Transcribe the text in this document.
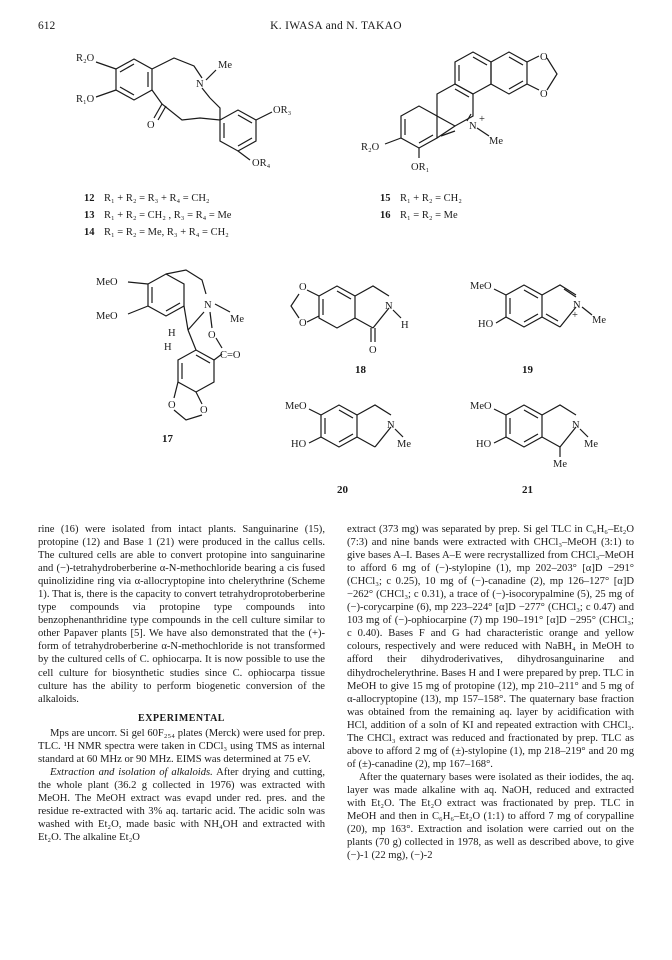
612	K. IWASA and N. TAKAO
R₂O
R₁O
O
N
Me
OR₃
OR₄
O
O
N
+
Me
R₂O
OR₁
12 R₁ + R₂ = R₃ + R₄ = CH₂
13 R₁ + R₂ = CH₂ , R₃ = R₄ = Me
14 R₁ = R₂ = Me, R₃ + R₄ = CH₂
15 R₁ + R₂ = CH₂
16 R₁ = R₂ = Me
MeO
MeO
N
Me
H
H
O
C=O
O O
17
O
O
N
H
O
18
MeO
HO
N
+ Me
19
MeO
HO
N
Me
20
MeO
HO
Me
N
Me
21

rine (16) were isolated from intact plants. Sanguinarine (15), protopine (12) and Base 1 (21) were produced in the callus cells. The cultured cells are able to convert protopine into sanguinarine and (−)-tetrahydroberberine α-N-methochloride bearing a cis fused quinolizidine ring via α-allocryptopine into chelerythrine (Scheme 1). That is, there is the capacity to convert tetrahydroprotoberberine type compounds via protopine type compounds into benzophenanthridine type compounds in the cell culture similar to other Papaver plants [5]. We have also demonstrated that the (+)-form of tetrahydroberberine α-N-methochloride is not transformed by the cultured cells of C. ophiocarpa. It is now possible to use the cell culture for biosynthetic studies since C. ophiocarpa tissue culture has the ability to perform biogenetic conversion of the alkaloids.

EXPERIMENTAL

Mps are uncorr. Si gel 60F₂₅₄ plates (Merck) were used for prep. TLC. ¹H NMR spectra were taken in CDCl₃ using TMS as internal standard at 60 MHz or 90 MHz. EIMS was determined at 75 eV.

Extraction and isolation of alkaloids. After drying and cutting, the whole plant (36.2 g collected in 1976) was extracted with MeOH. The MeOH extract was evapd under red. pres. and the residue re-extracted with 3% aq. tartaric acid. The acidic soln was washed with Et₂O, made basic with NH₄OH and extracted with Et₂O. The alkaline Et₂O

extract (373 mg) was separated by prep. Si gel TLC in C₆H₆–Et₂O (7:3) and nine bands were extracted with CHCl₃–MeOH (3:1) to give bases A–I. Bases A–E were recrystallized from CHCl₃–MeOH to afford 6 mg of (−)-stylopine (1), mp 202–203° [α]D −291° (CHCl₃; c 0.25), 10 mg of (−)-canadine (2), mp 126–127° [α]D −262° (CHCl₃; c 0.31), a trace of (−)-isocorypalmine (5), 25 mg of (−)-corycarpine (6), mp 223–224° [α]D −277° (CHCl₃; c 0.47) and 103 mg of (−)-ophiocarpine (7) mp 190–191° [α]D −295° (CHCl₃; c 0.40). Bases F and G had characteristic orange and yellow colours, respectively and were reduced with NaBH₄ in MeOH to afford their dihydroderivatives, dihydrosanguinarine and dihydrochelerythrine. Bases H and I were prepared by prep. TLC in MeOH to give 15 mg of protopine (12), mp 210–211° and 5 mg of α-allocryptopine (13), mp 157–158°. The quaternary base fraction was obtained from the remaining aq. layer by acidification with HCl, addition of a soln of KI and repeated extraction with CHCl₃. The CHCl₃ extract was reduced and fractionated by prep. TLC as above to afford 2 mg of (±)-stylopine (1), mp 218–219° and 20 mg of (±)-canadine (2), mp 167–168°.

After the quaternary bases were isolated as their iodides, the aq. layer was made alkaline with aq. NaOH, reduced and extracted with Et₂O. The Et₂O extract was fractionated by prep. TLC in MeOH and then in C₆H₆–Et₂O (1:1) to afford 7 mg of corypalline (20), mp 163°. Extraction and isolation were carried out on the plants (70 g) collected in 1978, as well as described above, to give (−)-1 (22 mg), (−)-2
